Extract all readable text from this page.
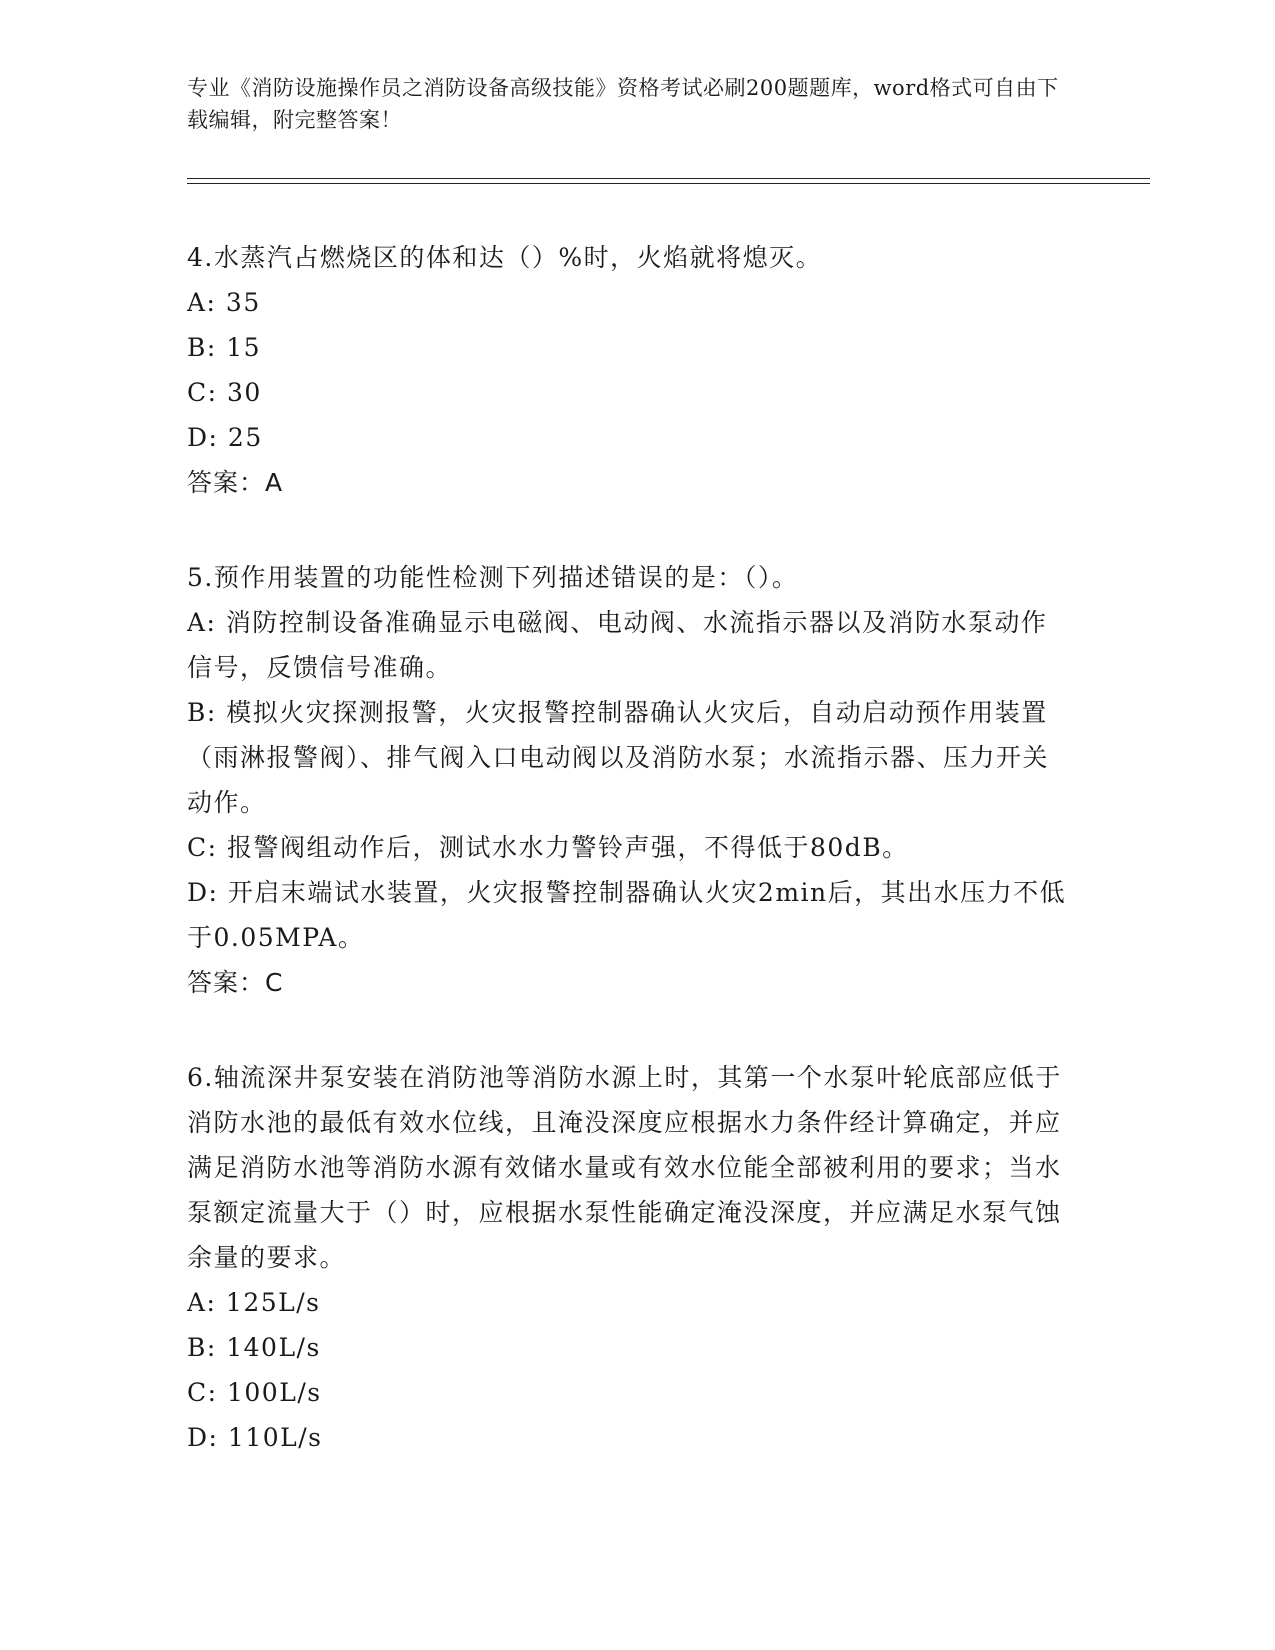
专业《消防设施操作员之消防设备高级技能》资格考试必刷200题题库，word格式可自由下载编辑，附完整答案！
4.水蒸汽占燃烧区的体和达（）%时，火焰就将熄灭。
A: 35
B: 15
C: 30
D: 25
答案：A
5.预作用装置的功能性检测下列描述错误的是：（）。
A: 消防控制设备准确显示电磁阀、电动阀、水流指示器以及消防水泵动作信号，反馈信号准确。
B: 模拟火灾探测报警，火灾报警控制器确认火灾后，自动启动预作用装置（雨淋报警阀）、排气阀入口电动阀以及消防水泵；水流指示器、压力开关动作。
C: 报警阀组动作后，测试水水力警铃声强，不得低于80dB。
D: 开启末端试水装置，火灾报警控制器确认火灾2min后，其出水压力不低于0.05MPA。
答案：C
6.轴流深井泵安装在消防池等消防水源上时，其第一个水泵叶轮底部应低于消防水池的最低有效水位线，且淹没深度应根据水力条件经计算确定，并应满足消防水池等消防水源有效储水量或有效水位能全部被利用的要求；当水泵额定流量大于（）时，应根据水泵性能确定淹没深度，并应满足水泵气蚀余量的要求。
A: 125L/s
B: 140L/s
C: 100L/s
D: 110L/s
